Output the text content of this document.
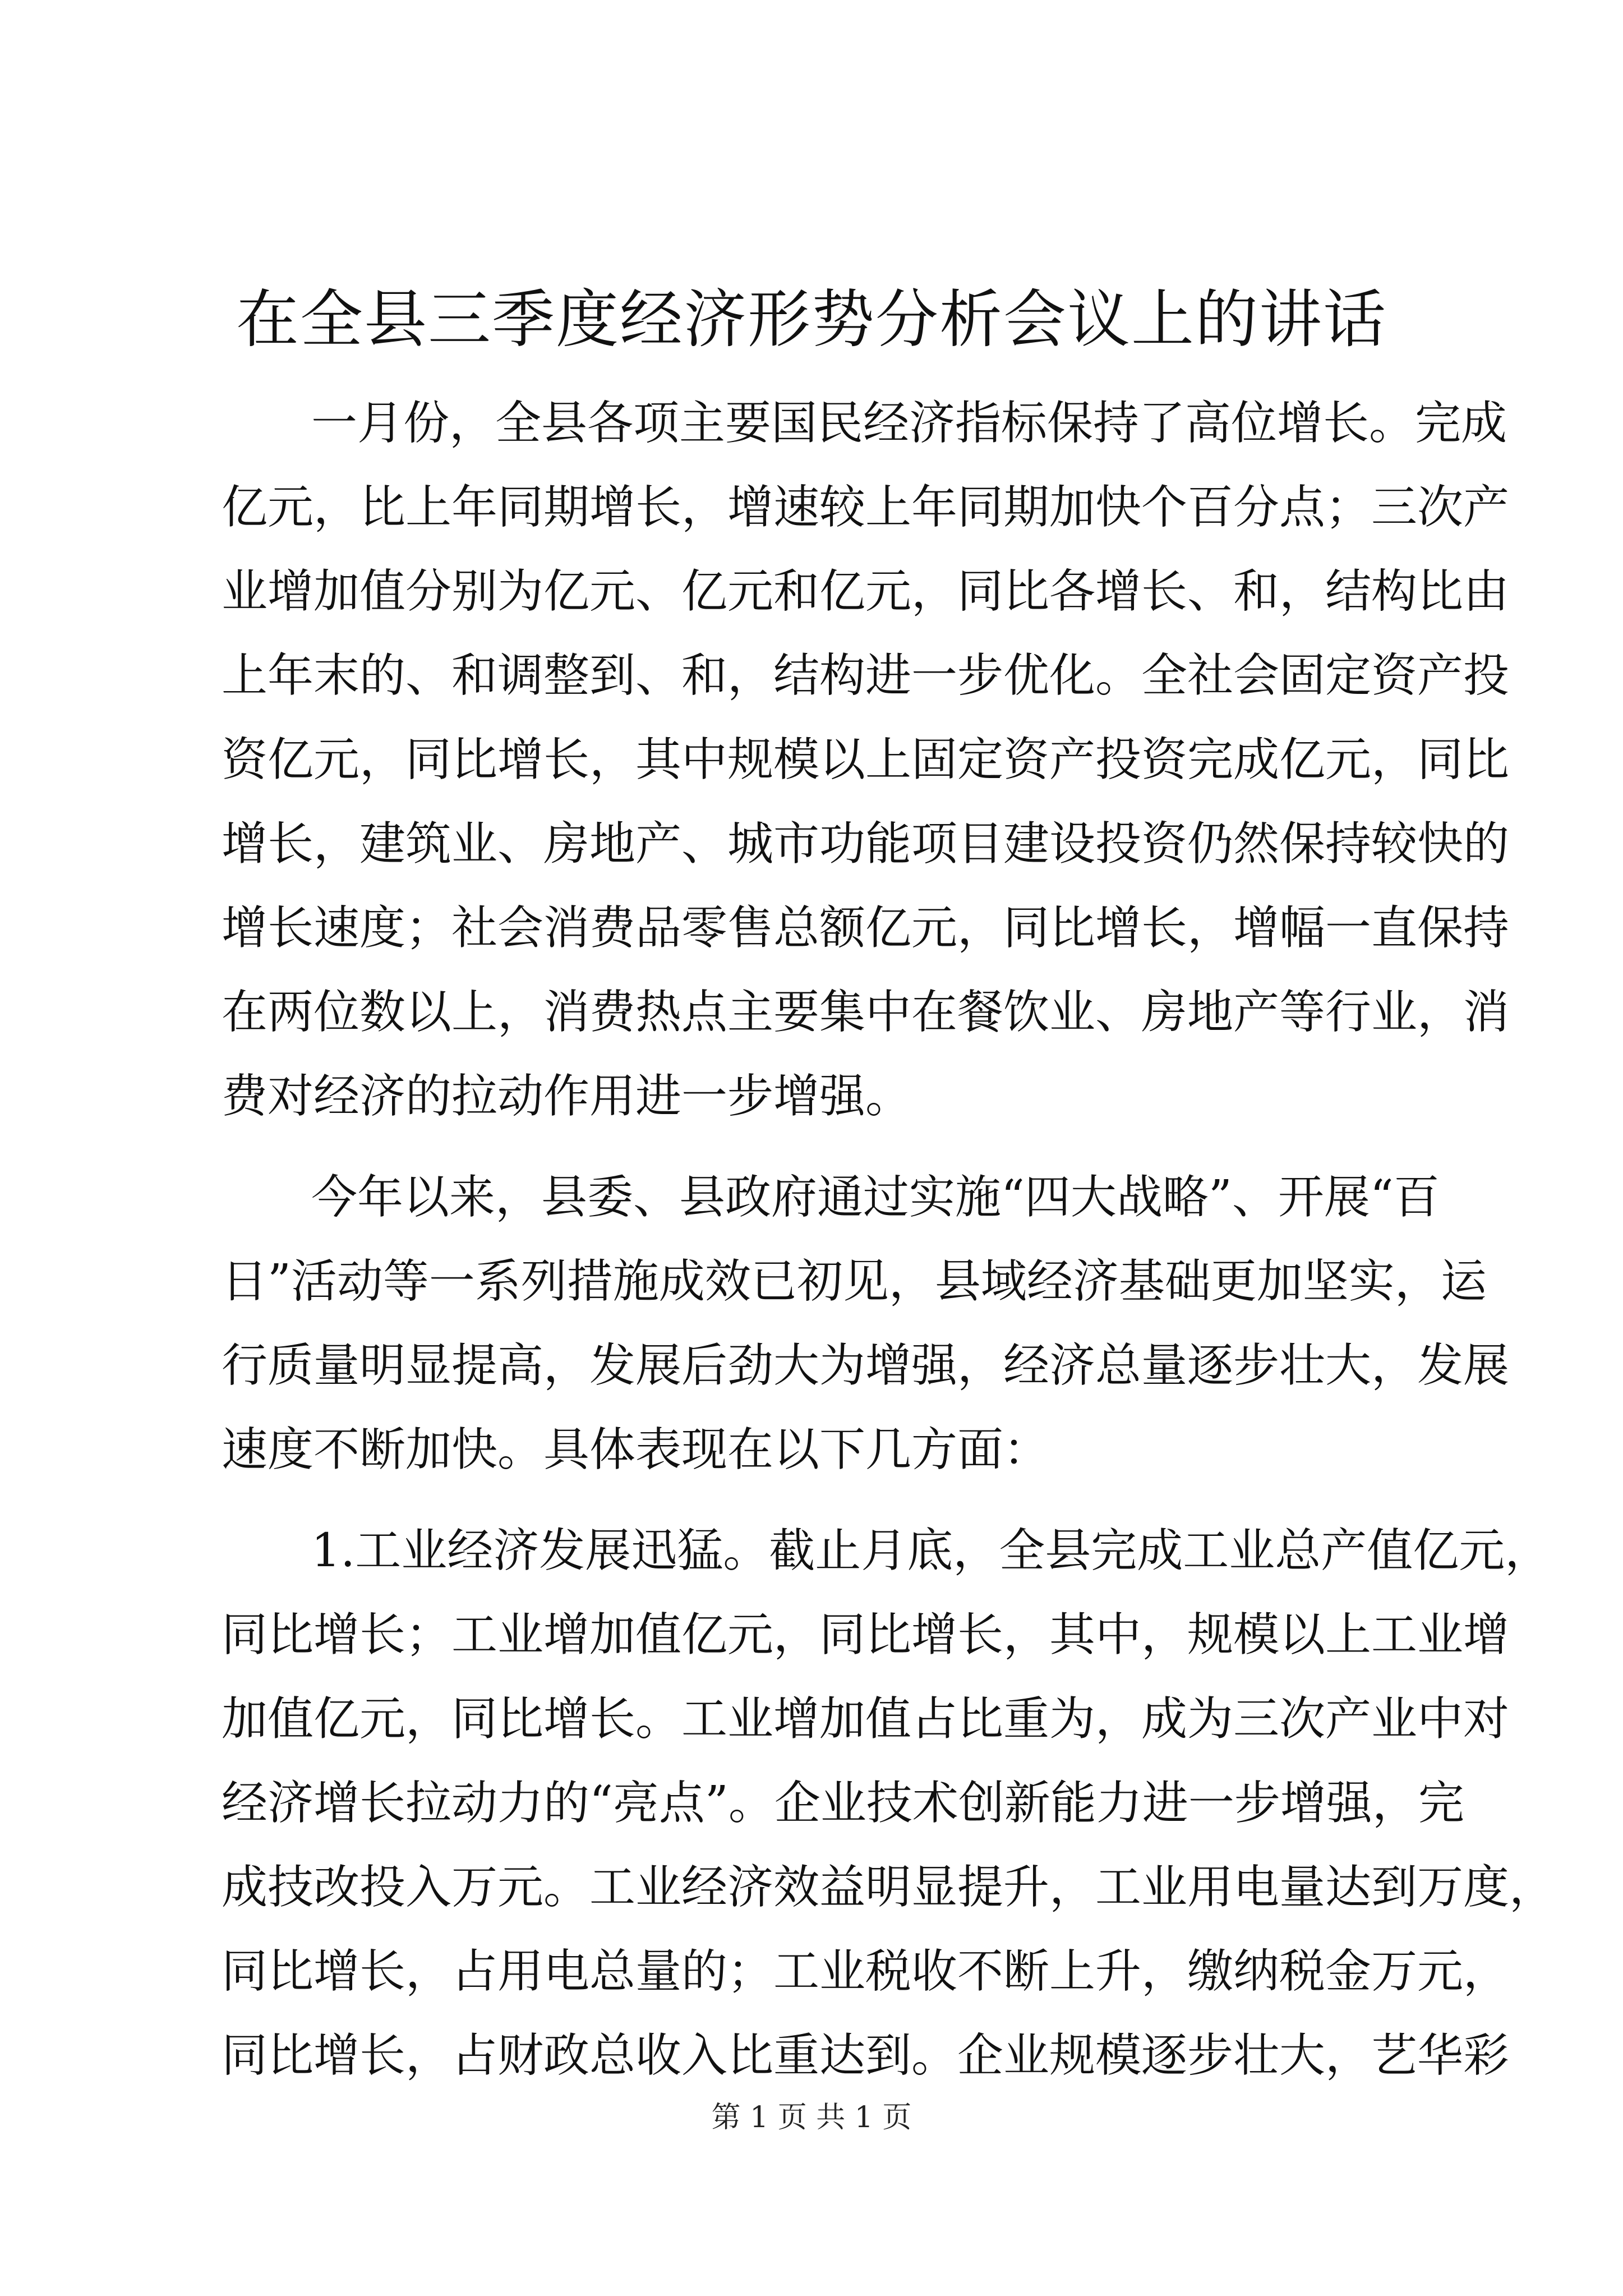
在全县三季度经济形势分析会议上的讲话
一月份，全县各项主要国民经济指标保持了高位增长。完成
亿元，比上年同期增长，增速较上年同期加快个百分点；三次产
业增加值分别为亿元、亿元和亿元，同比各增长、和，结构比由
上年末的、和调整到、和，结构进一步优化。全社会固定资产投
资亿元，同比增长，其中规模以上固定资产投资完成亿元，同比
增长，建筑业、房地产、城市功能项目建设投资仍然保持较快的
增长速度；社会消费品零售总额亿元，同比增长，增幅一直保持
在两位数以上，消费热点主要集中在餐饮业、房地产等行业，消
费对经济的拉动作用进一步增强。
今年以来，县委、县政府通过实施“四大战略”、开展“百
日”活动等一系列措施成效已初见，县域经济基础更加坚实，运
行质量明显提高，发展后劲大为增强，经济总量逐步壮大，发展
速度不断加快。具体表现在以下几方面：
1.工业经济发展迅猛。截止月底，全县完成工业总产值亿元，
同比增长；工业增加值亿元，同比增长，其中，规模以上工业增
加值亿元，同比增长。工业增加值占比重为，成为三次产业中对
经济增长拉动力的“亮点”。企业技术创新能力进一步增强，完
成技改投入万元。工业经济效益明显提升，工业用电量达到万度，
同比增长，占用电总量的；工业税收不断上升，缴纳税金万元，
同比增长，占财政总收入比重达到。企业规模逐步壮大，艺华彩
第 1 页 共 1 页
